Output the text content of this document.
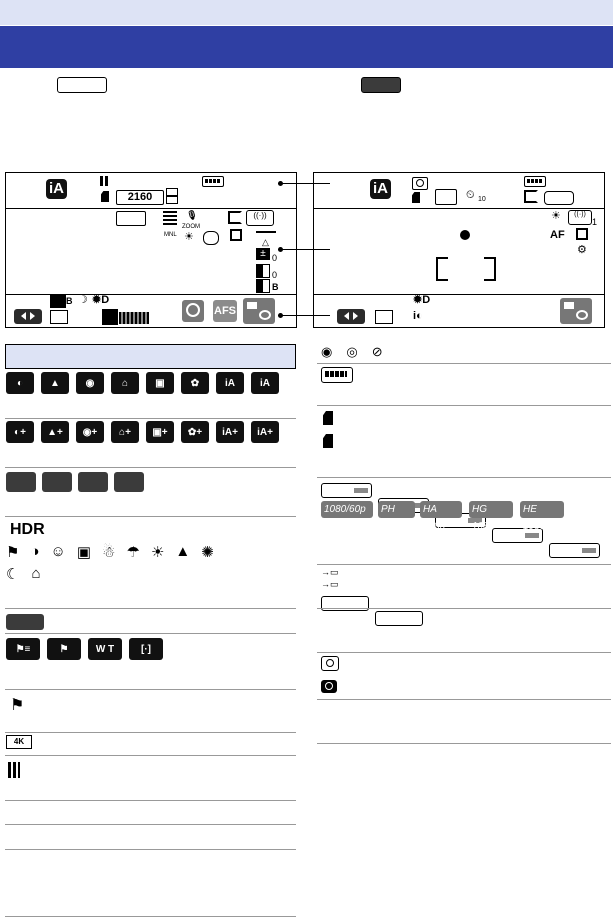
iA	2160
🎙
ZOOM
((·))
MNL ☀	△
± 0
0
B
B ☽ ✹D
AFS
iA	⏲ 10
☀	((·))
1
AF
⚙
✹D
i◐
◐	▲	◉	⌂	▣	✿	iA	iA
◐+	▲+	◉+	⌂+	▣+	✿+	iA+	iA+
HDR
⚑ ◑ ☺ ▣ ☃ ☂ ☀ ▲ ✺
☾ ⌂
⚑≡	⚑	W T	[·]
⚑
4K
◉ ◎ ⊘
1080/60p	PH 1080
HA 1080
HG 1080
HE 1080
→▭
→▭
